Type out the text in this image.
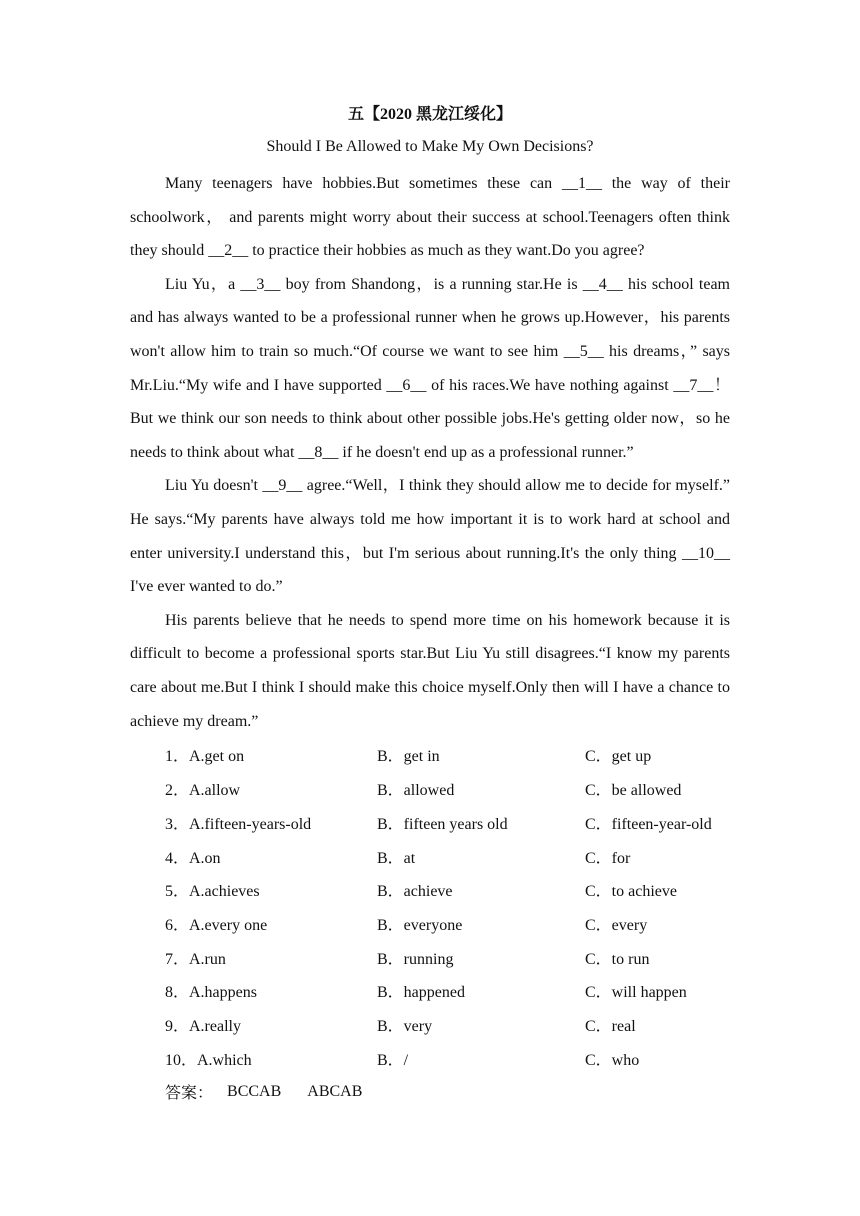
五【2020 黑龙江绥化】
Should I Be Allowed to Make My Own Decisions?

Many teenagers have hobbies.But sometimes these can __1__ the way of their schoolwork， and parents might worry about their success at school.Teenagers often think they should __2__ to practice their hobbies as much as they want.Do you agree?

Liu Yu，a __3__ boy from Shandong，is a running star.He is __4__ his school team and has always wanted to be a professional runner when he grows up.However，his parents won't allow him to train so much.“Of course we want to see him __5__ his dreams，” says Mr.Liu.“My wife and I have supported __6__ of his races.We have nothing against __7__！ But we think our son needs to think about other possible jobs.He's getting older now，so he needs to think about what __8__ if he doesn't end up as a professional runner.”

Liu Yu doesn't __9__ agree.“Well，I think they should allow me to decide for myself.” He says.“My parents have always told me how important it is to work hard at school and enter university.I understand this，but I'm serious about running.It's the only thing __10__ I've ever wanted to do.”

His parents believe that he needs to spend more time on his homework because it is difficult to become a professional sports star.But Liu Yu still disagrees.“I know my parents care about me.But I think I should make this choice myself.Only then will I have a chance to achieve my dream.”

1．A.get on	B．get in	C．get up
2．A.allow	B．allowed	C．be allowed
3．A.fifteen-years-old	B．fifteen years old	C．fifteen-year-old
4．A.on	B．at	C．for
5．A.achieves	B．achieve	C．to achieve
6．A.every one	B．everyone	C．every
7．A.run	B．running	C．to run
8．A.happens	B．happened	C．will happen
9．A.really	B．very	C．real
10．A.which	B．/	C．who
答案： BCCAB ABCAB
